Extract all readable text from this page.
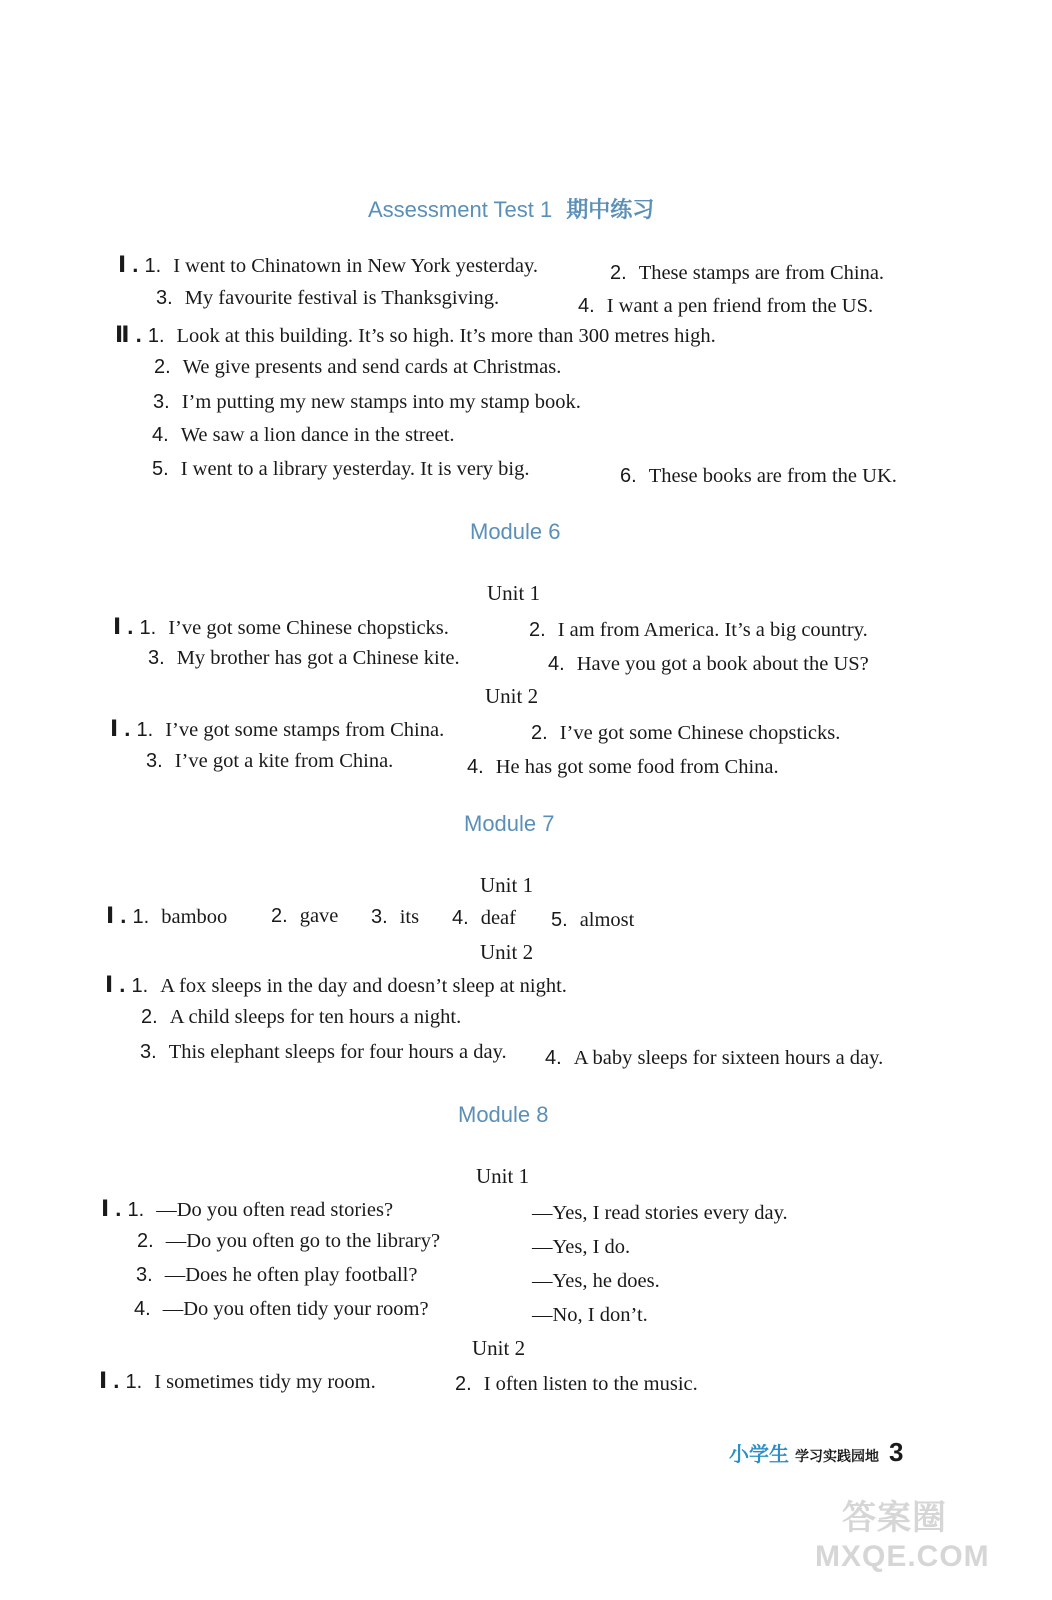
Assessment Test 1 期中练习
Ⅰ . 1. I went to Chinatown in New York yesterday.	2. These stamps are from China.
3. My favourite festival is Thanksgiving.	4. I want a pen friend from the US.
Ⅱ . 1. Look at this building. It’s so high. It’s more than 300 metres high.
2. We give presents and send cards at Christmas.
3. I’m putting my new stamps into my stamp book.
4. We saw a lion dance in the street.
5. I went to a library yesterday. It is very big.	6. These books are from the UK.
Module 6
Unit 1
Ⅰ . 1. I’ve got some Chinese chopsticks.	2. I am from America. It’s a big country.
3. My brother has got a Chinese kite.	4. Have you got a book about the US?
Unit 2
Ⅰ . 1. I’ve got some stamps from China.	2. I’ve got some Chinese chopsticks.
3. I’ve got a kite from China.	4. He has got some food from China.
Module 7
Unit 1
Ⅰ . 1. bamboo 2. gave 3. its 4. deaf 5. almost
Unit 2
Ⅰ . 1. A fox sleeps in the day and doesn’t sleep at night.
2. A child sleeps for ten hours a night.
3. This elephant sleeps for four hours a day. 4. A baby sleeps for sixteen hours a day.
Module 8
Unit 1
Ⅰ . 1. —Do you often read stories?	—Yes, I read stories every day.
2. —Do you often go to the library?	—Yes, I do.
3. —Does he often play football?	—Yes, he does.
4. —Do you often tidy your room?	—No, I don’t.
Unit 2
Ⅰ . 1. I sometimes tidy my room.	2. I often listen to the music.
小学生 学习实践园地 3
答案圈
MXQE.COM
